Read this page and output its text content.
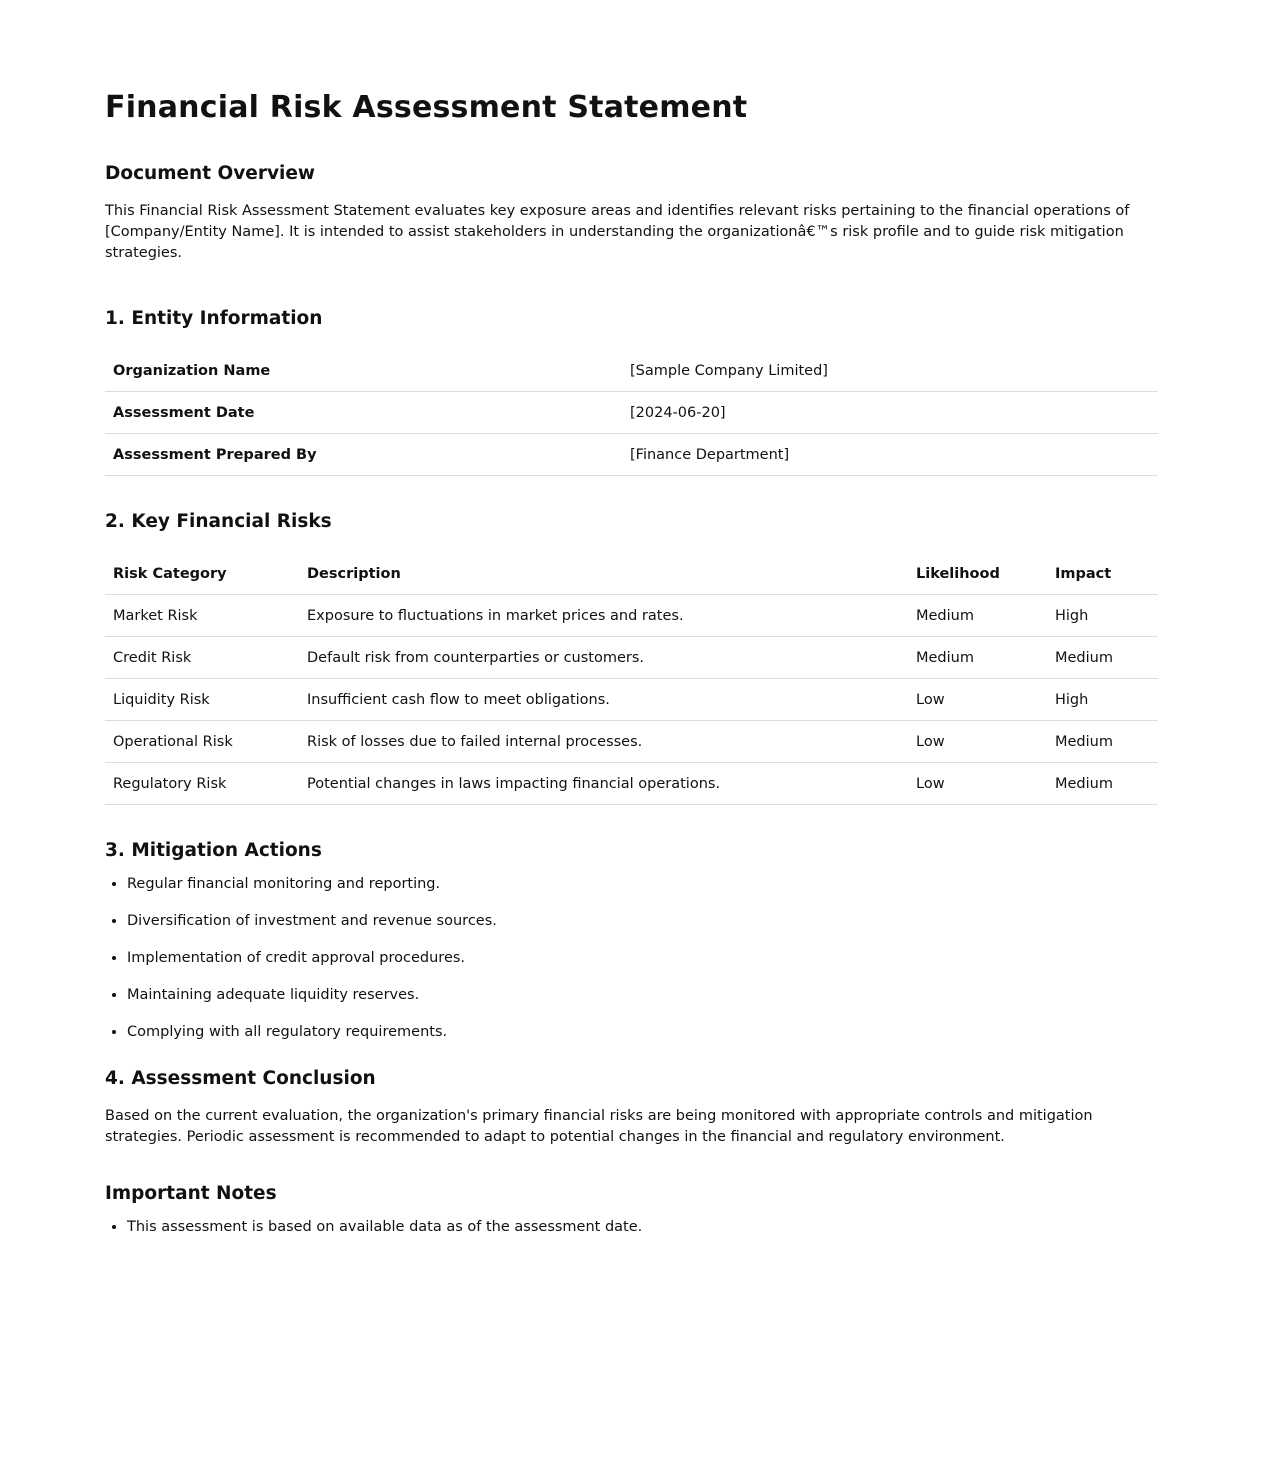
Financial Risk Assessment Statement
Document Overview

This Financial Risk Assessment Statement evaluates key exposure areas and identifies relevant risks pertaining to the financial operations of [Company/Entity Name]. It is intended to assist stakeholders in understanding the organizationâ€™s risk profile and to guide risk mitigation strategies.

1. Entity Information
Organization Name	[Sample Company Limited]
Assessment Date	[2024-06-20]
Assessment Prepared By	[Finance Department]
2. Key Financial Risks
Risk Category	Description	Likelihood	Impact
Market Risk	Exposure to fluctuations in market prices and rates.	Medium	High
Credit Risk	Default risk from counterparties or customers.	Medium	Medium
Liquidity Risk	Insufficient cash flow to meet obligations.	Low	High
Operational Risk	Risk of losses due to failed internal processes.	Low	Medium
Regulatory Risk	Potential changes in laws impacting financial operations.	Low	Medium
3. Mitigation Actions
• Regular financial monitoring and reporting.
• Diversification of investment and revenue sources.
• Implementation of credit approval procedures.
• Maintaining adequate liquidity reserves.
• Complying with all regulatory requirements.
4. Assessment Conclusion

Based on the current evaluation, the organization's primary financial risks are being monitored with appropriate controls and mitigation strategies. Periodic assessment is recommended to adapt to potential changes in the financial and regulatory environment.

Important Notes
• This assessment is based on available data as of the assessment date.
